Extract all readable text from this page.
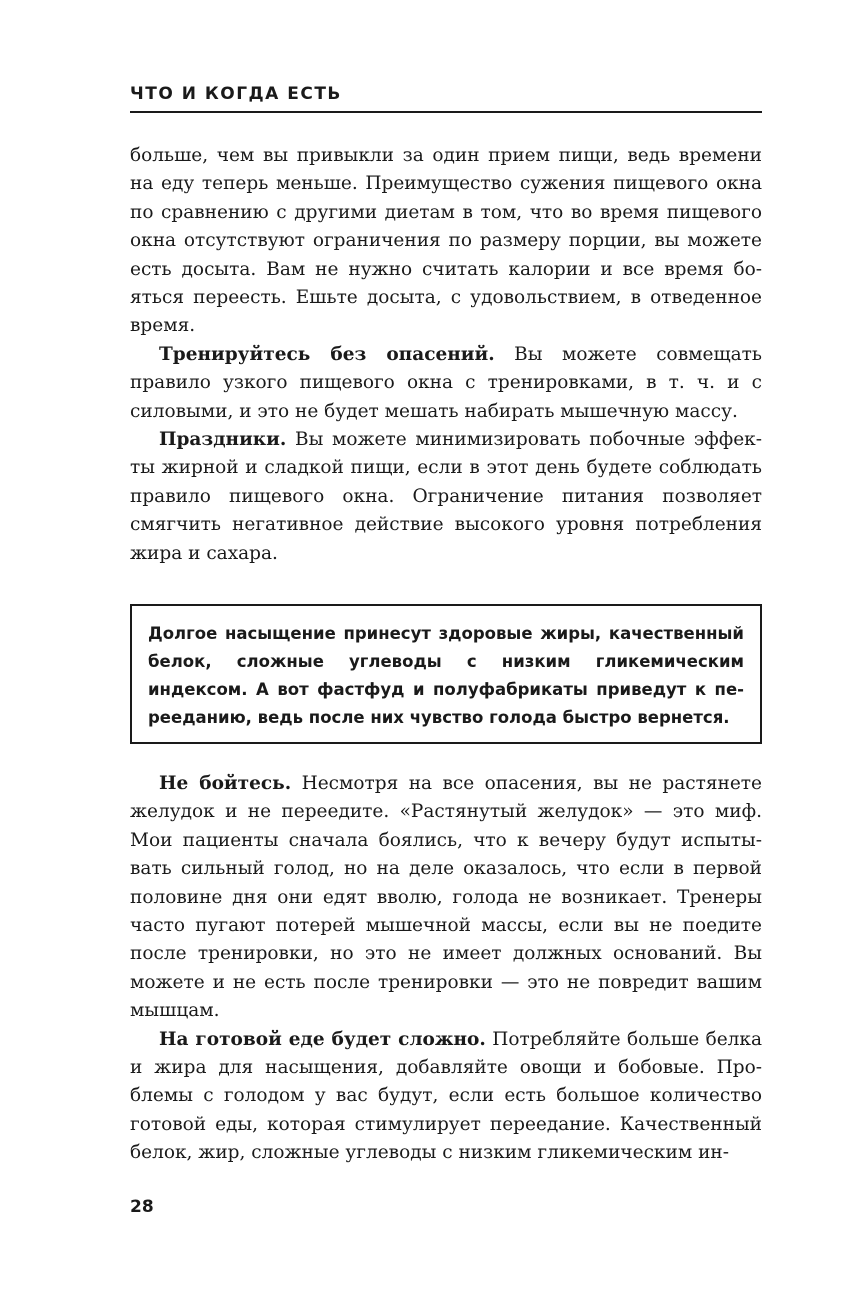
ЧТО И КОГДА ЕСТЬ

больше, чем вы привыкли за один прием пищи, ведь времени на еду теперь меньше. Преимущество сужения пищевого окна по сравнению с другими диетам в том, что во время пищевого окна отсутствуют ограничения по размеру порции, вы можете есть досыта. Вам не нужно считать калории и все время бояться переесть. Ешьте досыта, с удовольствием, в отведенное время.

Тренируйтесь без опасений. Вы можете совмещать правило узкого пищевого окна с тренировками, в т. ч. и с силовыми, и это не будет мешать набирать мышечную массу.

Праздники. Вы можете минимизировать побочные эффекты жирной и сладкой пищи, если в этот день будете соблюдать правило пищевого окна. Ограничение питания позволяет смягчить негативное действие высокого уровня потребления жира и сахара.

Долгое насыщение принесут здоровые жиры, качественный белок, сложные углеводы с низким гликемическим индексом. А вот фастфуд и полуфабрикаты приведут к переeданию, ведь после них чувство голода быстро вернется.

Не бойтесь. Несмотря на все опасения, вы не растянете желудок и не переедите. «Растянутый желудок» — это миф. Мои пациенты сначала боялись, что к вечеру будут испытывать сильный голод, но на деле оказалось, что если в первой половине дня они едят вволю, голода не возникает. Тренеры часто пугают потерей мышечной массы, если вы не поедите после тренировки, но это не имеет должных оснований. Вы можете и не есть после тренировки — это не повредит вашим мышцам.

На готовой еде будет сложно. Потребляйте больше белка и жира для насыщения, добавляйте овощи и бобовые. Проблемы с голодом у вас будут, если есть большое количество готовой еды, которая стимулирует переедание. Качественный белок, жир, сложные углеводы с низким гликемическим ин-

28
